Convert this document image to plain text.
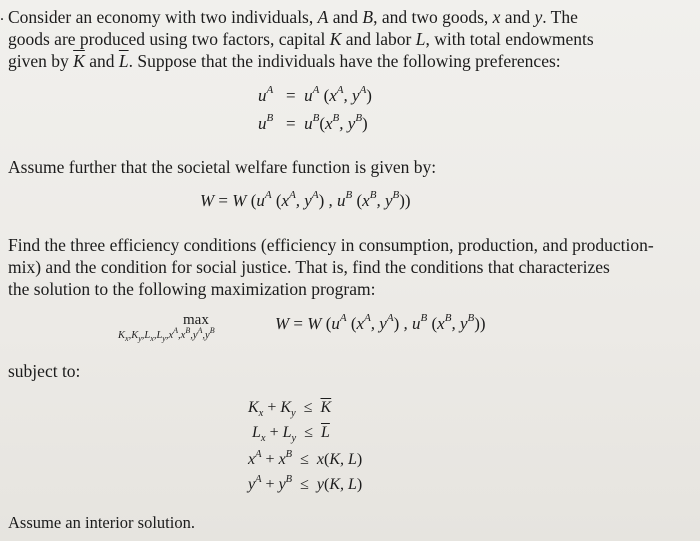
. Consider an economy with two individuals, A and B, and two goods, x and y. The
goods are produced using two factors, capital K and labor L, with total endowments
given by $\overline{K}$ and $\overline{L}$. Suppose that the individuals have the following preferences:
$u^A = u^A$ ($x^A$, $y^A$)
$u^B = u^B(x^B$, $y^B$)
Assume further that the societal welfare function is given by:
W = W ($u^A$ ($x^A$, $y^A$) , $u^B$ ($x^B$, $y^B$))
Find the three efficiency conditions (efficiency in consumption, production, and production-
mix) and the condition for social justice. That is, find the conditions that characterizes
the solution to the following maximization program:
max
$K_x,K_y,L_x,L_y,x^A,x^B,y^A,y^B$	W = W ($u^A$ ($x^A$, $y^A$) , $u^B$ ($x^B$, $y^B$))
subject to:
$K_x + K_y \le \overline{K}$
$L_x + L_y \le \overline{L}$
$x^A + x^B \le x(K$, L)
$y^A + y^B \le y(K$, L)
Assume an interior solution.
